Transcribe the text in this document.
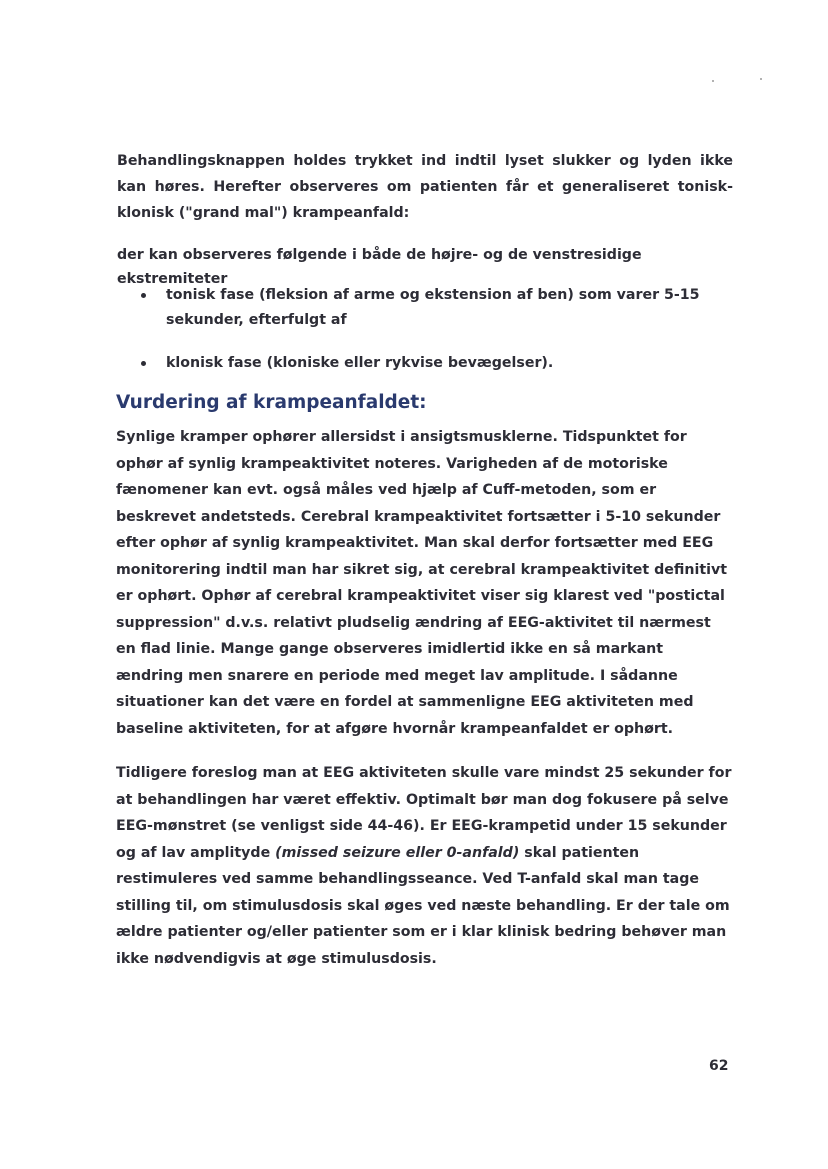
Behandlingsknappen holdes trykket ind indtil lyset slukker og lyden ikke kan høres. Herefter observeres om patienten får et generaliseret tonisk-klonisk ("grand mal") krampeanfald:

der kan observeres følgende i både de højre- og de venstresidige ekstremiteter

tonisk fase (fleksion af arme og ekstension af ben) som varer 5-15 sekunder, efterfulgt af
klonisk fase (kloniske eller rykvise bevægelser).
Vurdering af krampeanfaldet:

Synlige kramper ophører allersidst i ansigtsmusklerne. Tidspunktet for ophør af synlig krampeaktivitet noteres. Varigheden af de motoriske fænomener kan evt. også måles ved hjælp af Cuff-metoden, som er beskrevet andetsteds. Cerebral krampeaktivitet fortsætter i 5-10 sekunder efter ophør af synlig krampeaktivitet. Man skal derfor fortsætter med EEG monitorering indtil man har sikret sig, at cerebral krampeaktivitet definitivt er ophørt. Ophør af cerebral krampeaktivitet viser sig klarest ved "postictal suppression" d.v.s. relativt pludselig ændring af EEG-aktivitet til nærmest en flad linie. Mange gange observeres imidlertid ikke en så markant ændring men snarere en periode med meget lav amplitude. I sådanne situationer kan det være en fordel at sammenligne EEG aktiviteten med baseline aktiviteten, for at afgøre hvornår krampeanfaldet er ophørt.

Tidligere foreslog man at EEG aktiviteten skulle vare mindst 25 sekunder for at behandlingen har været effektiv. Optimalt bør man dog fokusere på selve EEG-mønstret (se venligst side 44-46). Er EEG-krampetid under 15 sekunder og af lav amplityde (missed seizure eller 0-anfald) skal patienten restimuleres ved samme behandlingsseance. Ved T-anfald skal man tage stilling til, om stimulusdosis skal øges ved næste behandling. Er der tale om ældre patienter og/eller patienter som er i klar klinisk bedring behøver man ikke nødvendigvis at øge stimulusdosis.

62
